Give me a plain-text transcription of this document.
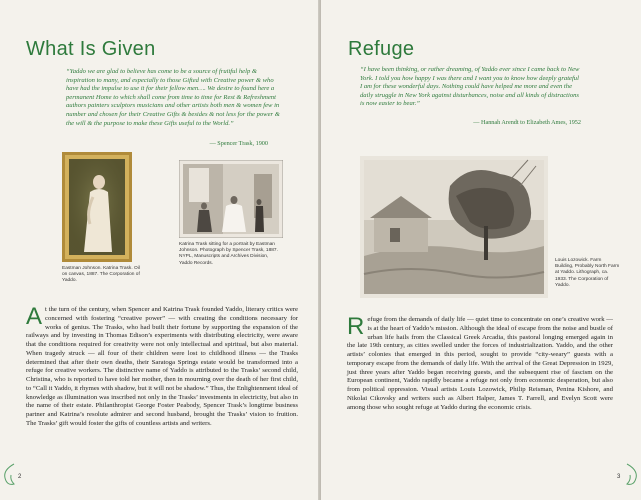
What Is Given
“Yaddo we are glad to believe has come to be a source of fruitful help & inspiration to many, and especially to those Gifted with Creative power & who have had the impulse to use it for their fellow men…. We desire to found here a permanent Home to which shall come from time to time for Rest & Refreshment authors painters sculptors musicians and other artists both men & women few in number and chosen for their Creative Gifts & besides & not less for the power & the will & the purpose to make these Gifts useful to the World.”
— Spencer Trask, 1900
Eastman Johnson. Katrina Trask. Oil on canvas, 1887. The Corporation of Yaddo.
Katrina Trask sitting for a portrait by Eastman Johnson. Photograph by Spencer Trask, 1887. NYPL, Manuscripts and Archives Division, Yaddo Records.
At the turn of the century, when Spencer and Katrina Trask founded Yaddo, literary critics were concerned with fostering “creative power” — with creating the conditions necessary for works of genius. The Trasks, who had built their fortune by supporting the expansion of the railways and by investing in Thomas Edison’s experiments with distributing electricity, were aware that the conditions required for creativity were not only intellectual and spiritual, but also material. When tragedy struck — all four of their children were lost to childhood illness — the Trasks determined that after their own deaths, their Saratoga Springs estate would be transformed into a refuge for creative workers. The distinctive name of Yaddo is attributed to the Trasks’ second child, Christina, who is reported to have told her mother, then in mourning over the death of her first child, to “Call it Yaddo, it rhymes with shadow, but it will not be shadow.” Thus, the Enlightenment ideal of knowledge as illumination was inscribed not only in the Trasks’ investments in electricity, but also in the name of their estate. Philanthropist George Foster Peabody, Spencer Trask’s longtime business partner and Katrina’s resolute admirer and second husband, brought the Trasks’ vision to fruition. The Trasks’ gift would foster the gifts of countless artists and writers.
2
Refuge
“I have been thinking, or rather dreaming, of Yaddo ever since I came back to New York. I told you how happy I was there and I want you to know how deeply grateful I am for these wonderful days. Nothing could have helped me more and even the daily struggle in New York against disturbances, noise and all kinds of distractions is now easier to bear.”
— Hannah Arendt to Elizabeth Ames, 1952
Louis Lozowick. Farm Building, Probably North Farm at Yaddo. Lithograph, ca. 1933. The Corporation of Yaddo.
Refuge from the demands of daily life — quiet time to concentrate on one’s creative work — is at the heart of Yaddo’s mission. Although the ideal of escape from the noise and bustle of urban life hails from the Classical Greek Arcadia, this pastoral longing emerged again in the late 19th century, as cities swelled under the forces of industrialization. Yaddo, and the other artists’ colonies that emerged in this period, sought to provide “city-weary” guests with a temporary escape from the demands of daily life. With the arrival of the Great Depression in 1929, just three years after Yaddo began receiving guests, and the subsequent rise of fascism on the European continent, Yaddo rapidly became a refuge not only from economic desperation, but also from political oppression. Visual artists Louis Lozowick, Philip Reisman, Penina Kishore, and Nikolai Cikovsky and writers such as Albert Halper, James T. Farrell, and Evelyn Scott were among those who sought refuge at Yaddo during the economic crisis.
3
